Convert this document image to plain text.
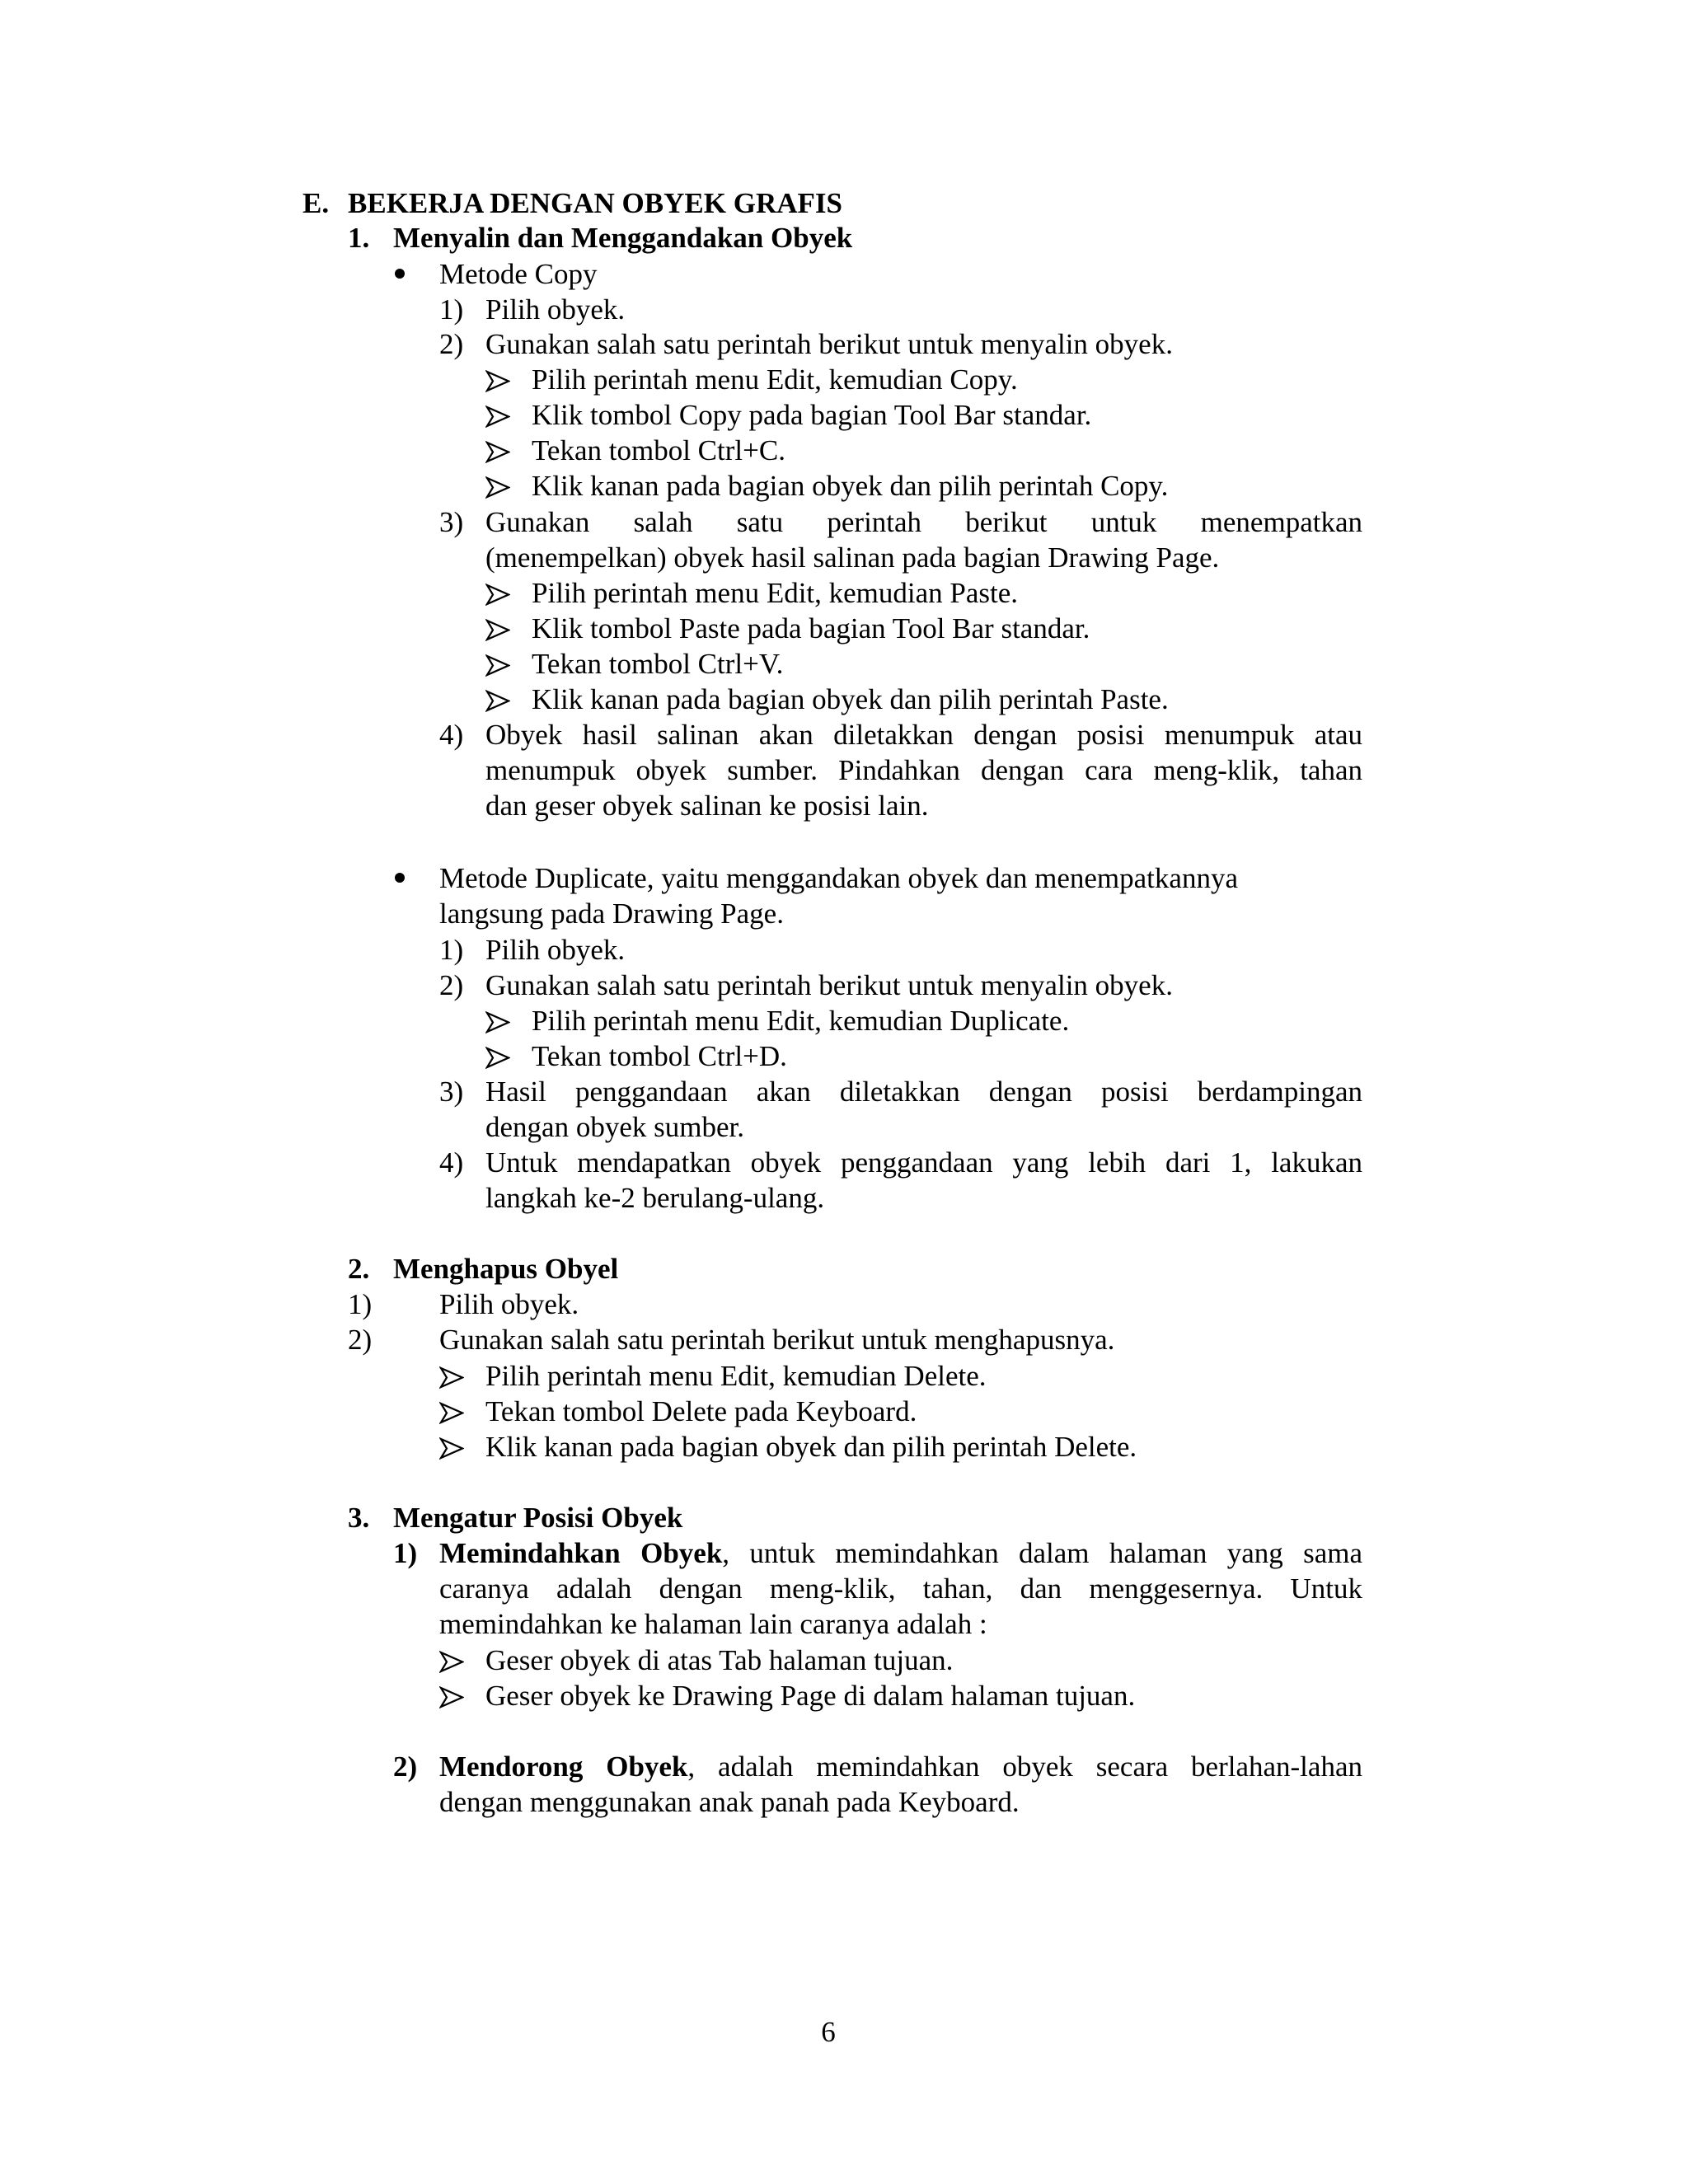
E. BEKERJA DENGAN OBYEK GRAFIS
1. Menyalin dan Menggandakan Obyek
Metode Copy
1) Pilih obyek.
2) Gunakan salah satu perintah berikut untuk menyalin obyek.
Pilih perintah menu Edit, kemudian Copy.
Klik tombol Copy pada bagian Tool Bar standar.
Tekan tombol Ctrl+C.
Klik kanan pada bagian obyek dan pilih perintah Copy.
3) Gunakan salah satu perintah berikut untuk menempatkan
(menempelkan) obyek hasil salinan pada bagian Drawing Page.
Pilih perintah menu Edit, kemudian Paste.
Klik tombol Paste pada bagian Tool Bar standar.
Tekan tombol Ctrl+V.
Klik kanan pada bagian obyek dan pilih perintah Paste.
4) Obyek hasil salinan akan diletakkan dengan posisi menumpuk atau
menumpuk obyek sumber. Pindahkan dengan cara meng-klik, tahan
dan geser obyek salinan ke posisi lain.
Metode Duplicate, yaitu menggandakan obyek dan menempatkannya
langsung pada Drawing Page.
1) Pilih obyek.
2) Gunakan salah satu perintah berikut untuk menyalin obyek.
Pilih perintah menu Edit, kemudian Duplicate.
Tekan tombol Ctrl+D.
3) Hasil penggandaan akan diletakkan dengan posisi berdampingan
dengan obyek sumber.
4) Untuk mendapatkan obyek penggandaan yang lebih dari 1, lakukan
langkah ke-2 berulang-ulang.
2. Menghapus Obyel
1) Pilih obyek.
2) Gunakan salah satu perintah berikut untuk menghapusnya.
Pilih perintah menu Edit, kemudian Delete.
Tekan tombol Delete pada Keyboard.
Klik kanan pada bagian obyek dan pilih perintah Delete.
3. Mengatur Posisi Obyek
1) Memindahkan Obyek, untuk memindahkan dalam halaman yang sama
caranya adalah dengan meng-klik, tahan, dan menggesernya. Untuk
memindahkan ke halaman lain caranya adalah :
Geser obyek di atas Tab halaman tujuan.
Geser obyek ke Drawing Page di dalam halaman tujuan.
2) Mendorong Obyek, adalah memindahkan obyek secara berlahan-lahan
dengan menggunakan anak panah pada Keyboard.
6
